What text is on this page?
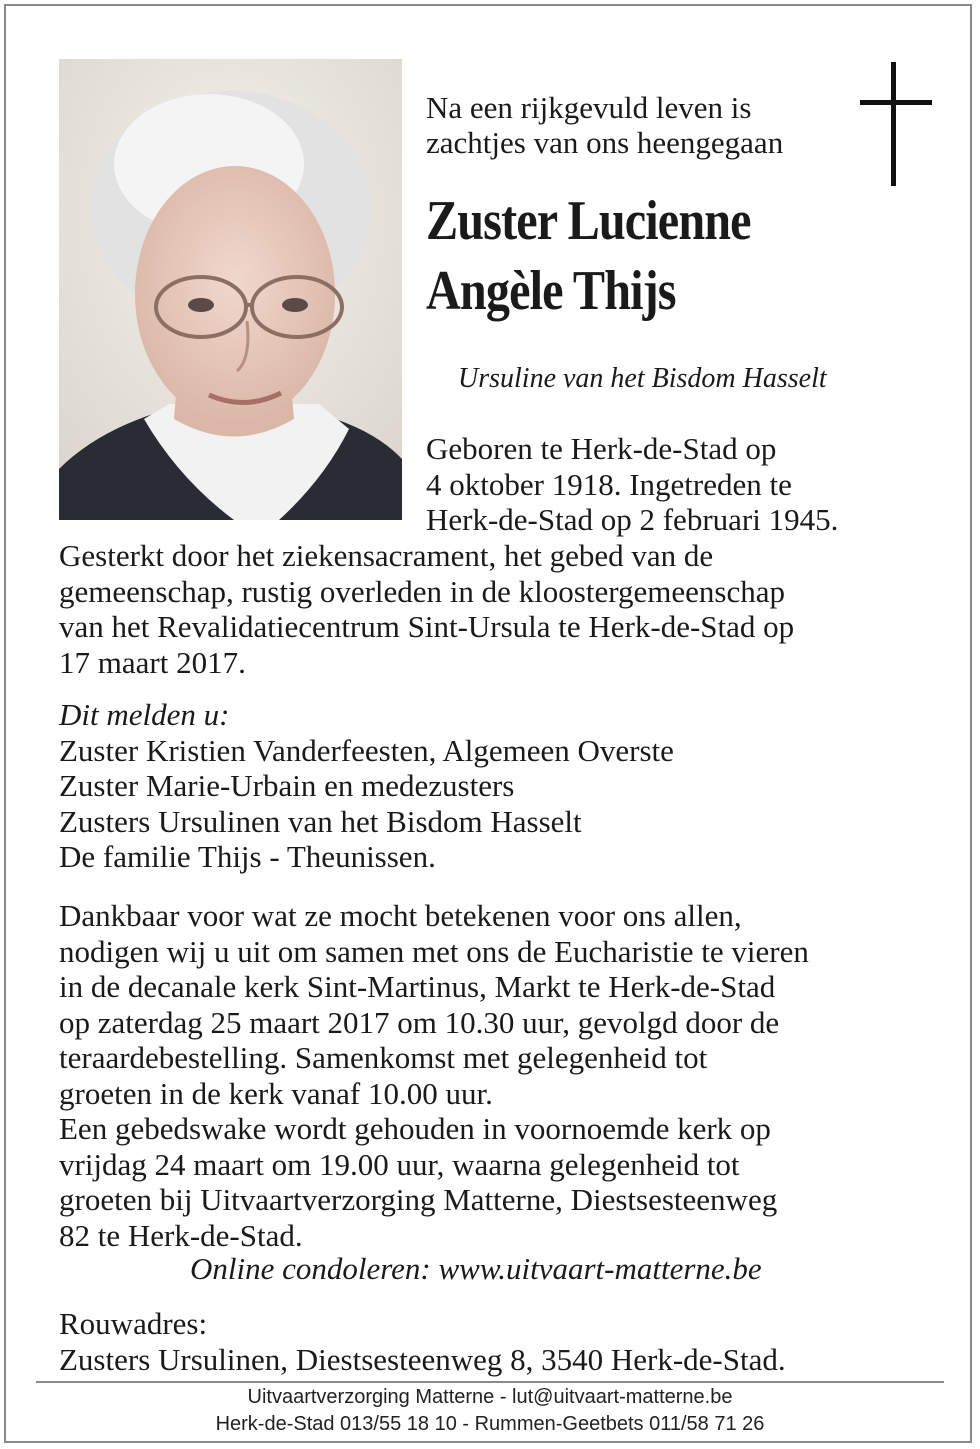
Na een rijkgevuld leven is
zachtjes van ons heengegaan
Zuster Lucienne
Angèle Thijs
Ursuline van het Bisdom Hasselt
Geboren te Herk-de-Stad op
4 oktober 1918. Ingetreden te
Herk-de-Stad op 2 februari 1945.
Gesterkt door het ziekensacrament, het gebed van de
gemeenschap, rustig overleden in de kloostergemeenschap
van het Revalidatiecentrum Sint-Ursula te Herk-de-Stad op
17 maart 2017.
Dit melden u:
Zuster Kristien Vanderfeesten, Algemeen Overste
Zuster Marie-Urbain en medezusters
Zusters Ursulinen van het Bisdom Hasselt
De familie Thijs - Theunissen.
Dankbaar voor wat ze mocht betekenen voor ons allen,
nodigen wij u uit om samen met ons de Eucharistie te vieren
in de decanale kerk Sint-Martinus, Markt te Herk-de-Stad
op zaterdag 25 maart 2017 om 10.30 uur, gevolgd door de
teraardebestelling. Samenkomst met gelegenheid tot
groeten in de kerk vanaf 10.00 uur.
Een gebedswake wordt gehouden in voornoemde kerk op
vrijdag 24 maart om 19.00 uur, waarna gelegenheid tot
groeten bij Uitvaartverzorging Matterne, Diestsesteenweg
82 te Herk-de-Stad.
Online condoleren: www.uitvaart-matterne.be
Rouwadres:
Zusters Ursulinen, Diestsesteenweg 8, 3540 Herk-de-Stad.
Uitvaartverzorging Matterne - lut@uitvaart-matterne.be
Herk-de-Stad 013/55 18 10 - Rummen-Geetbets 011/58 71 26
